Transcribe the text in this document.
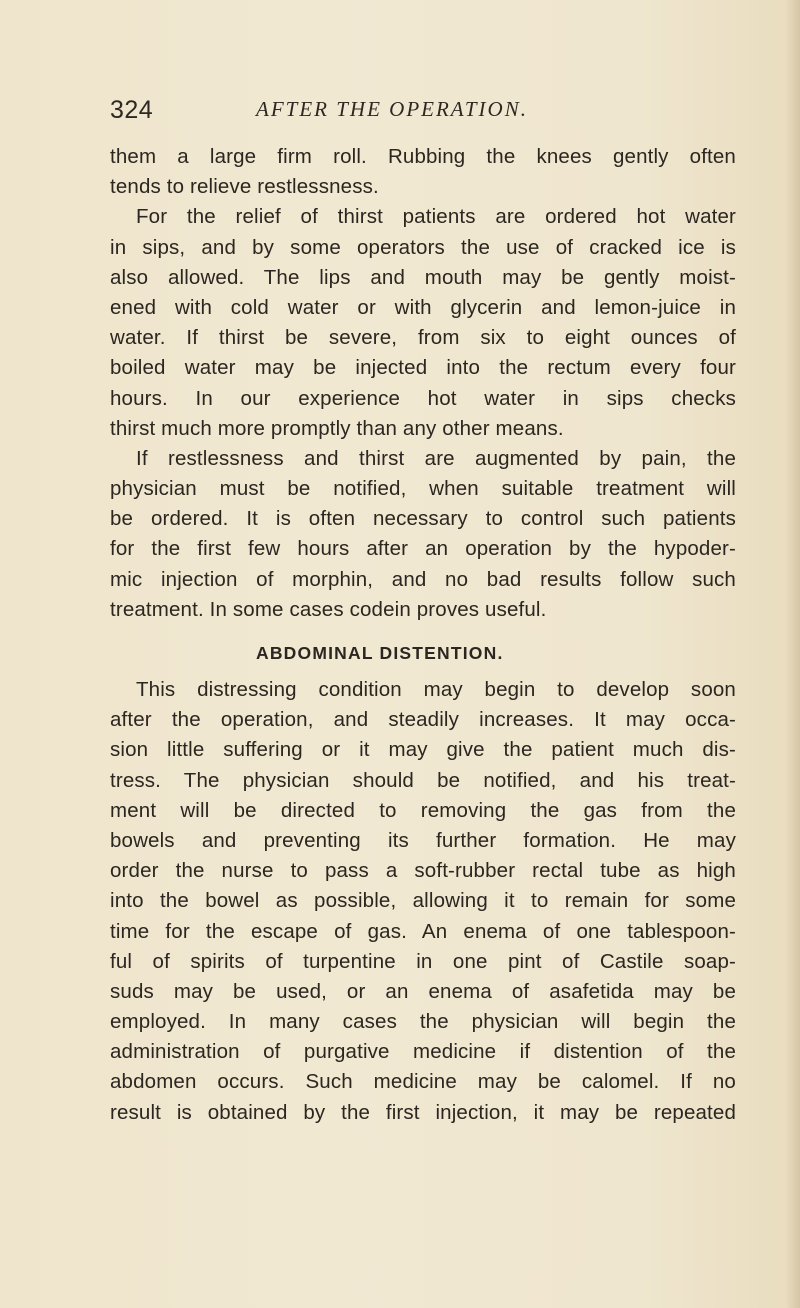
324	AFTER THE OPERATION.
them a large firm roll. Rubbing the knees gently often
tends to relieve restlessness.
For the relief of thirst patients are ordered hot water
in sips, and by some operators the use of cracked ice is
also allowed. The lips and mouth may be gently moist-
ened with cold water or with glycerin and lemon-juice in
water. If thirst be severe, from six to eight ounces of
boiled water may be injected into the rectum every four
hours. In our experience hot water in sips checks
thirst much more promptly than any other means.
If restlessness and thirst are augmented by pain, the
physician must be notified, when suitable treatment will
be ordered. It is often necessary to control such patients
for the first few hours after an operation by the hypoder-
mic injection of morphin, and no bad results follow such
treatment. In some cases codein proves useful.
ABDOMINAL DISTENTION.
This distressing condition may begin to develop soon
after the operation, and steadily increases. It may occa-
sion little suffering or it may give the patient much dis-
tress. The physician should be notified, and his treat-
ment will be directed to removing the gas from the
bowels and preventing its further formation. He may
order the nurse to pass a soft-rubber rectal tube as high
into the bowel as possible, allowing it to remain for some
time for the escape of gas. An enema of one tablespoon-
ful of spirits of turpentine in one pint of Castile soap-
suds may be used, or an enema of asafetida may be
employed. In many cases the physician will begin the
administration of purgative medicine if distention of the
abdomen occurs. Such medicine may be calomel. If no
result is obtained by the first injection, it may be repeated
